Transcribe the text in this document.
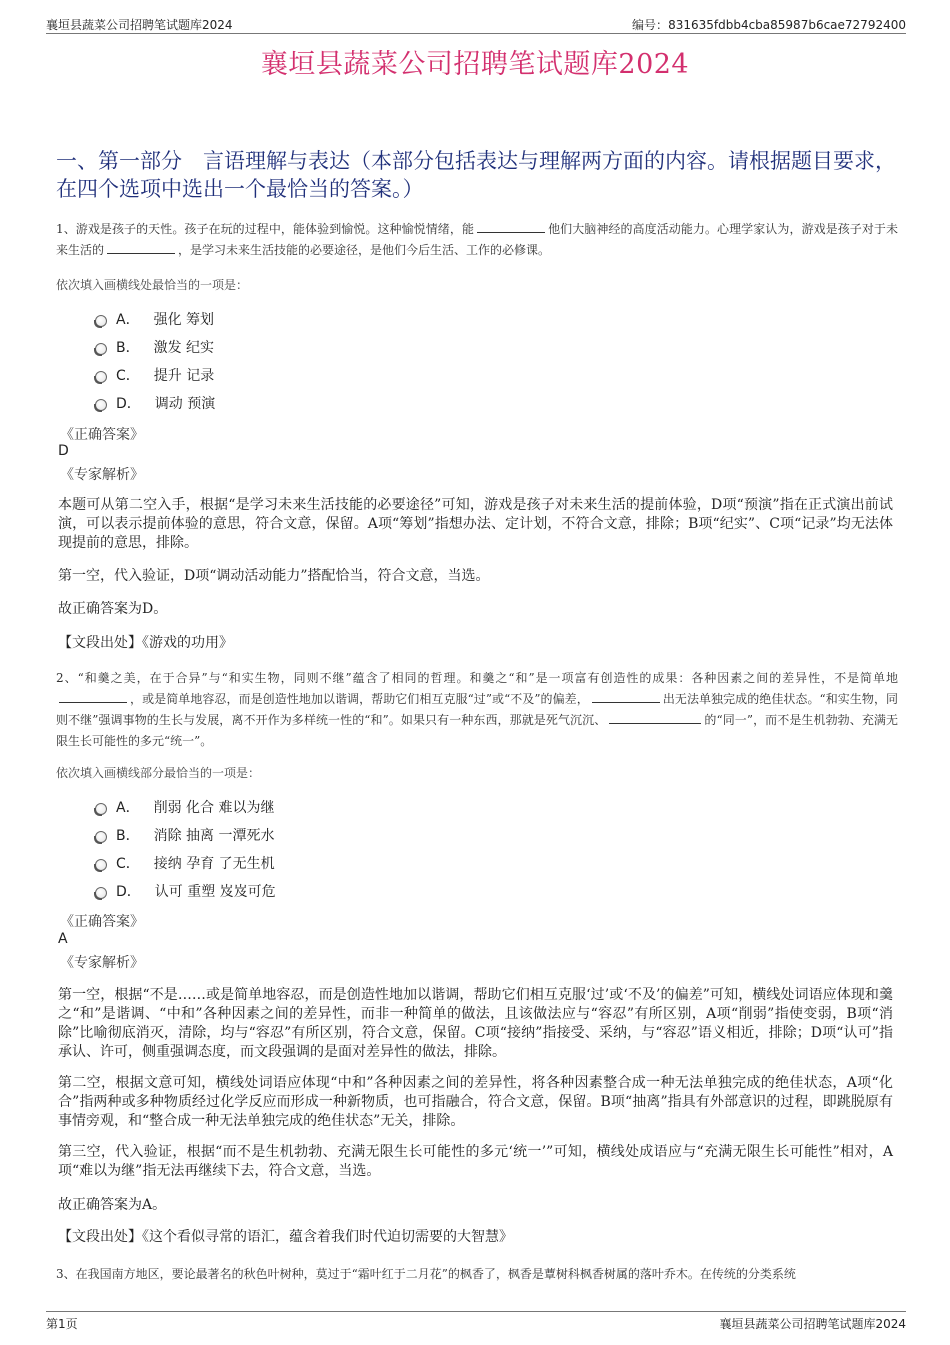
襄垣县蔬菜公司招聘笔试题库2024	编号：831635fdbb4cba85987b6cae72792400
襄垣县蔬菜公司招聘笔试题库2024
一、第一部分　言语理解与表达（本部分包括表达与理解两方面的内容。请根据题目要求，在四个选项中选出一个最恰当的答案。）
1、游戏是孩子的天性。孩子在玩的过程中，能体验到愉悦。这种愉悦情绪，能	他们大脑神经的高度活动能力。心理学家认为，游戏是孩子对于未来生活的	，是学习未来生活技能的必要途径，是他们今后生活、工作的必修课。
依次填入画横线处最恰当的一项是：
A． 强化 筹划
B． 激发 纪实
C． 提升 记录
D． 调动 预演
《正确答案》
D
《专家解析》
本题可从第二空入手，根据“是学习未来生活技能的必要途径”可知，游戏是孩子对未来生活的提前体验，D项“预演”指在正式演出前试演，可以表示提前体验的意思，符合文意，保留。A项“筹划”指想办法、定计划，不符合文意，排除；B项“纪实”、C项“记录”均无法体现提前的意思，排除。
第一空，代入验证，D项“调动活动能力”搭配恰当，符合文意，当选。
故正确答案为D。
【文段出处】《游戏的功用》
2、“和羹之美，在于合异”与“和实生物，同则不继”蕴含了相同的哲理。和羹之“和”是一项富有创造性的成果：各种因素之间的差异性，不是简单地，或是简单地容忍，而是创造性地加以谐调，帮助它们相互克服“过”或“不及”的偏差，	出无法单独完成的绝佳状态。“和实生物，同则不继”强调事物的生长与发展，离不开作为多样统一性的“和”。如果只有一种东西，那就是死气沉沉、	的“同一”，而不是生机勃勃、充满无限生长可能性的多元“统一”。
依次填入画横线部分最恰当的一项是：
A． 削弱 化合 难以为继
B． 消除 抽离 一潭死水
C． 接纳 孕育 了无生机
D． 认可 重塑 岌岌可危
《正确答案》
A
《专家解析》
第一空，根据“不是……或是简单地容忍，而是创造性地加以谐调，帮助它们相互克服‘过’或‘不及’的偏差”可知，横线处词语应体现和羹之“和”是谐调、“中和”各种因素之间的差异性，而非一种简单的做法，且该做法应与“容忍”有所区别，A项“削弱”指使变弱，B项“消除”比喻彻底消灭，清除，均与“容忍”有所区别，符合文意，保留。C项“接纳”指接受、采纳，与“容忍”语义相近，排除；D项“认可”指承认、许可，侧重强调态度，而文段强调的是面对差异性的做法，排除。
第二空，根据文意可知，横线处词语应体现“中和”各种因素之间的差异性，将各种因素整合成一种无法单独完成的绝佳状态，A项“化合”指两种或多种物质经过化学反应而形成一种新物质，也可指融合，符合文意，保留。B项“抽离”指具有外部意识的过程，即跳脱原有事情旁观，和“整合成一种无法单独完成的绝佳状态”无关，排除。
第三空，代入验证，根据“而不是生机勃勃、充满无限生长可能性的多元‘统一’”可知，横线处成语应与“充满无限生长可能性”相对，A项“难以为继”指无法再继续下去，符合文意，当选。
故正确答案为A。
【文段出处】《这个看似寻常的语汇，蕴含着我们时代迫切需要的大智慧》
3、在我国南方地区，要论最著名的秋色叶树种，莫过于“霜叶红于二月花”的枫香了，枫香是蕈树科枫香树属的落叶乔木。在传统的分类系统
第1页	襄垣县蔬菜公司招聘笔试题库2024
